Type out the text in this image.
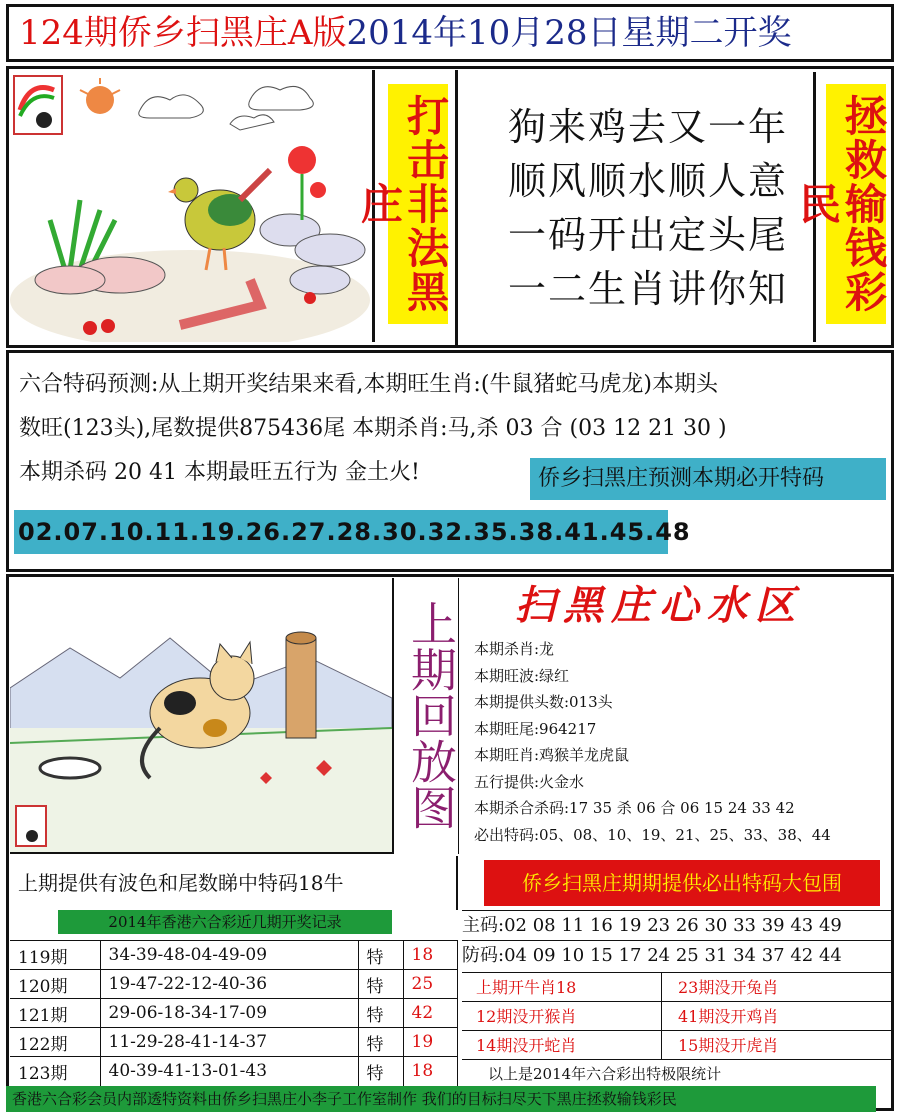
124期侨乡扫黑庄A版2014年10月28日星期二开奖
打击非法黑庄
狗来鸡去又一年
顺风顺水顺人意
一码开出定头尾
一二生肖讲你知	拯救输钱彩民
六合特码预测:从上期开奖结果来看,本期旺生肖:(牛鼠猪蛇马虎龙)本期头
数旺(123头),尾数提供875436尾 本期杀肖:马,杀 03 合 (03 12 21 30 )
本期杀码 20 41 本期最旺五行为 金土火!	侨乡扫黑庄预测本期必开特码
02.07.10.11.19.26.27.28.30.32.35.38.41.45.48
上期回放图 扫黑庄心水区
本期杀肖:龙
本期旺波:绿红
本期提供头数:013头
本期旺尾:964217
本期旺肖:鸡猴羊龙虎鼠
五行提供:火金水
本期杀合杀码:17 35 杀 06 合 06 15 24 33 42
必出特码:05、08、10、19、21、25、33、38、44
上期提供有波色和尾数睇中特码18牛	侨乡扫黑庄期期提供必出特码大包围
2014年香港六合彩近几期开奖记录
119期	34-39-48-04-49-09	特	18
120期	19-47-22-12-40-36	特	25
121期	29-06-18-34-17-09	特	42
122期	11-29-28-41-14-37	特	19
123期	40-39-41-13-01-43	特	18
主码:02 08 11 16 19 23 26 30 33 39 43 49
防码:04 09 10 15 17 24 25 31 34 37 42 44
上期开牛肖18	23期没开兔肖
12期没开猴肖	41期没开鸡肖
14期没开蛇肖	15期没开虎肖
以上是2014年六合彩出特极限统计
香港六合彩会员内部透特资料由侨乡扫黑庄小李子工作室制作 我们的目标扫尽天下黑庄拯救输钱彩民
